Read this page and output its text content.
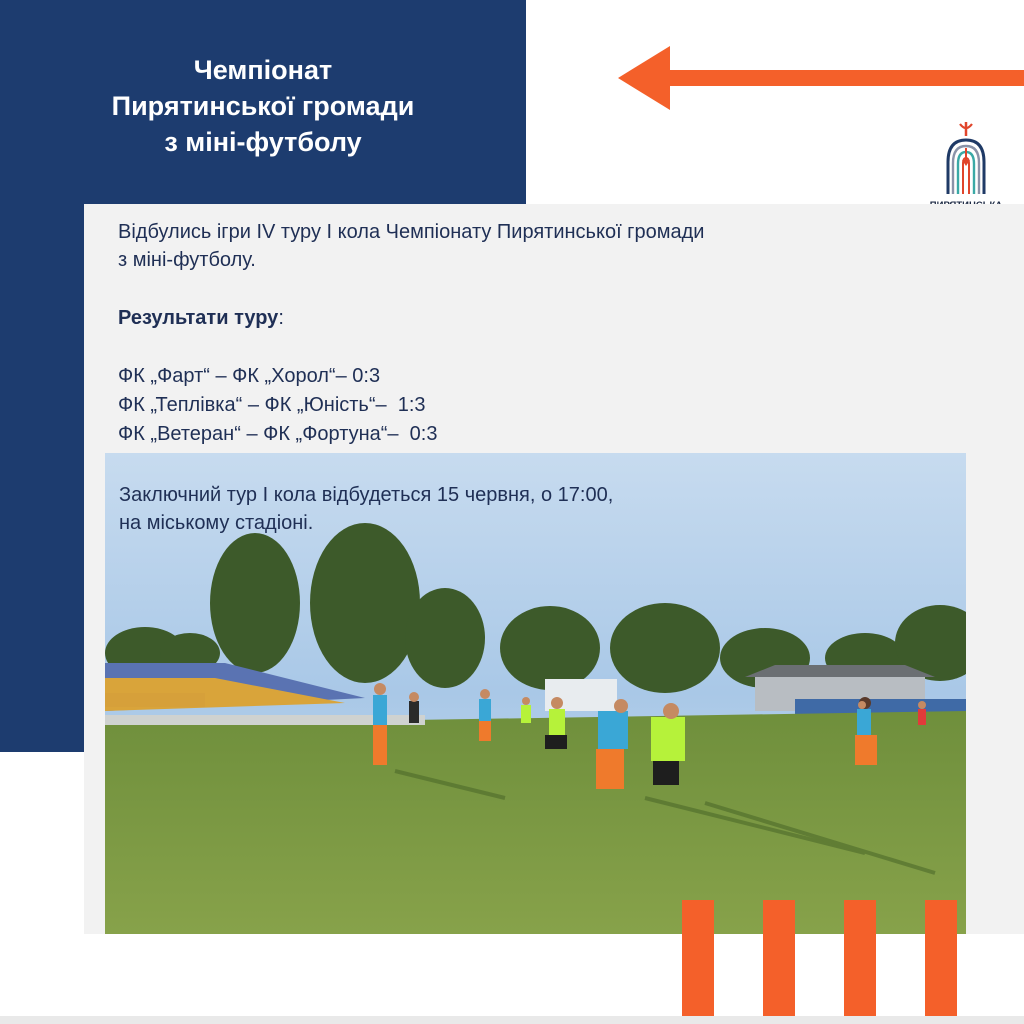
Чемпіонат
Пирятинської громади
з міні-футболу
Відбулись ігри IV туру І кола Чемпіонату Пирятинської громади
з міні-футболу.
Результати туру:
ФК „Фарт“ – ФК „Хорол“– 0:3
ФК „Теплівка“ – ФК „Юність“–  1:3
ФК „Ветеран“ – ФК „Фортуна“–  0:3
Заключний тур І кола відбудеться 15 червня, о 17:00,
на міському стадіоні.
